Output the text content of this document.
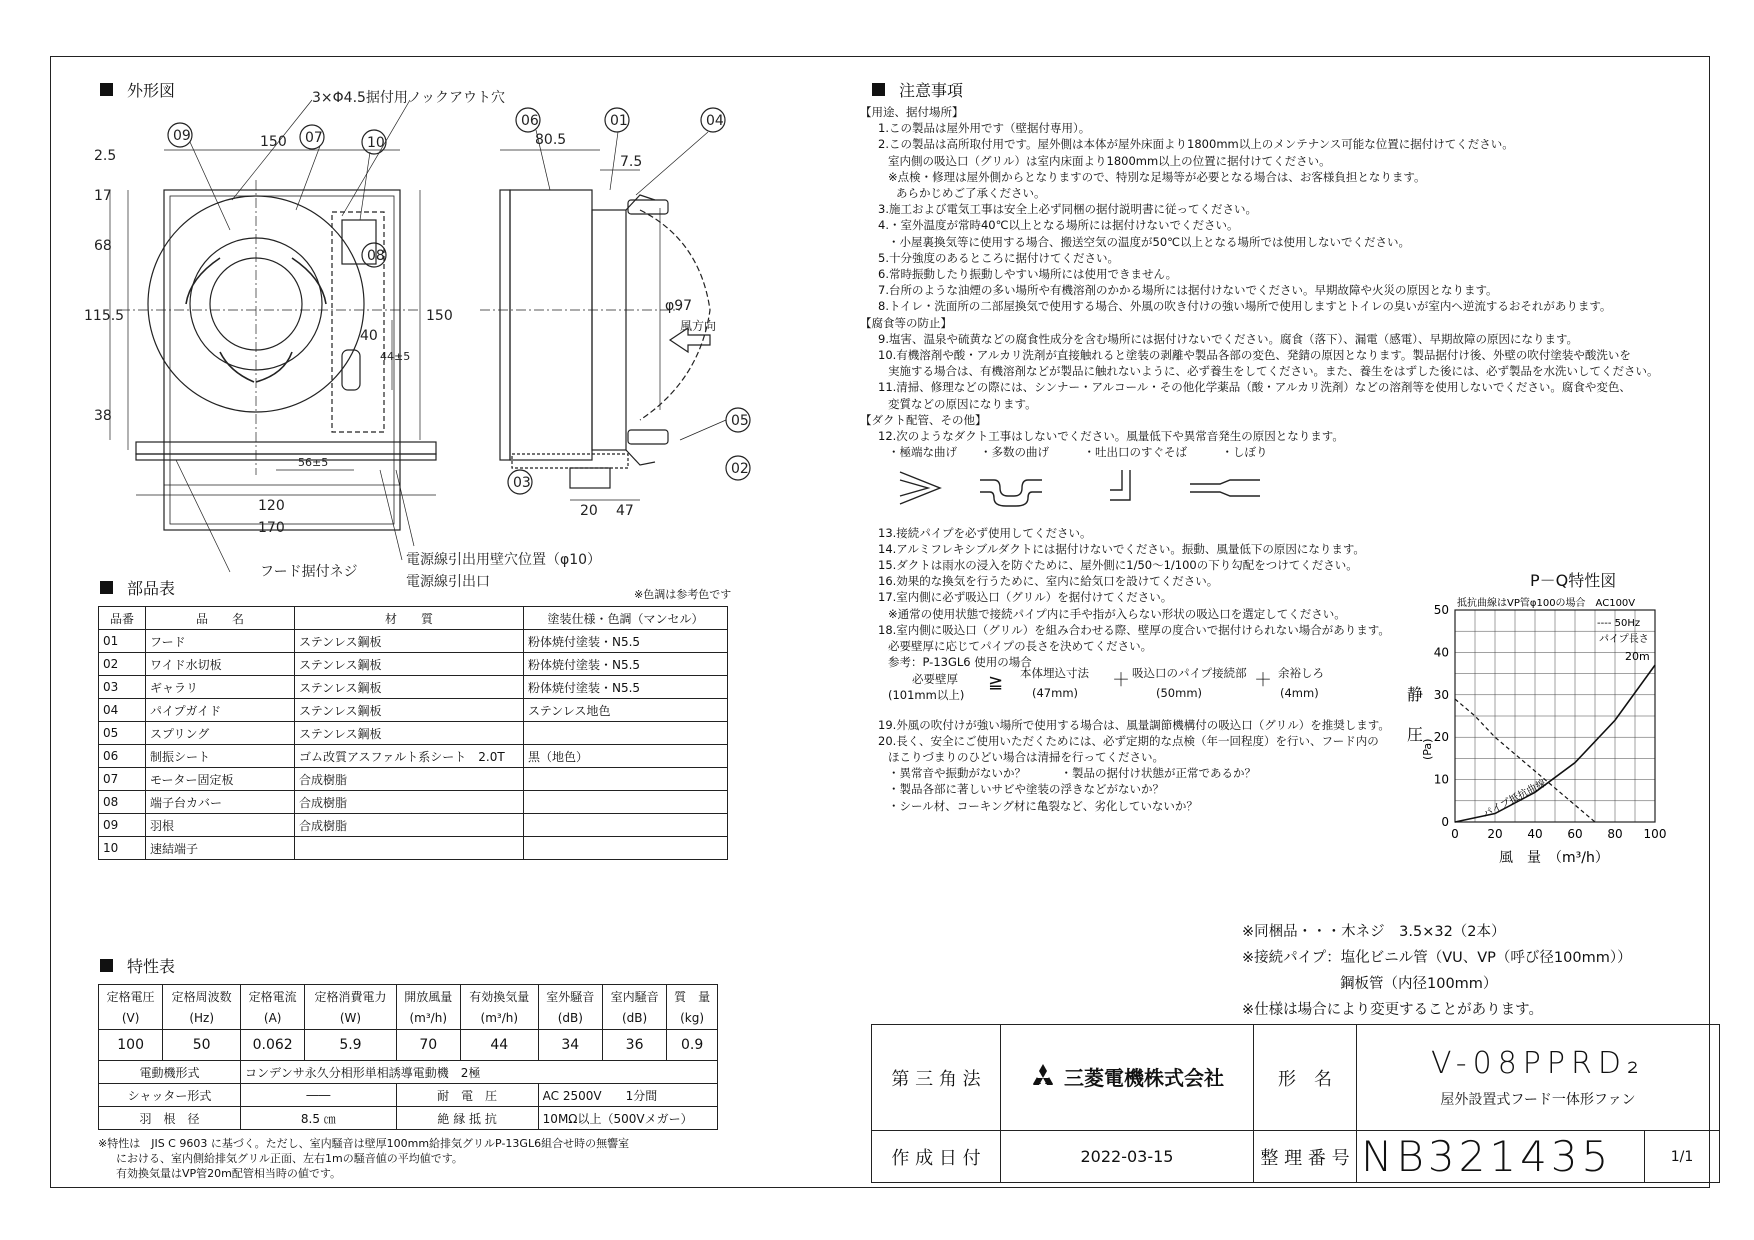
外形図
部品表
特性表
注意事項
3×Φ4.5据付用ノックアウト穴
09	07	10
08
06	01	04
05
03
02
150
2.5
17
68
115.5
38
150
40
44±5
56±5
120
170
80.5
7.5
φ97
20 47
風方向
電源線引出用壁穴位置（φ10）
電源線引出口
フード据付ネジ
※色調は参考色です
品番	品　　名	材　　質	塗装仕様・色調（マンセル）
01	フード	ステンレス鋼板	粉体焼付塗装・N5.5
02	ワイド水切板	ステンレス鋼板	粉体焼付塗装・N5.5
03	ギャラリ	ステンレス鋼板	粉体焼付塗装・N5.5
04	パイプガイド	ステンレス鋼板	ステンレス地色
05	スプリング	ステンレス鋼板	
06	制振シート	ゴム改質アスファルト系シート　2.0T	黒（地色）
07	モーター固定板	合成樹脂	
08	端子台カバー	合成樹脂	
09	羽根	合成樹脂	
10	速結端子		
定格電圧	定格周波数	定格電流	定格消費電力	開放風量	有効換気量	室外騒音	室内騒音	質　量
(V)	(Hz)	(A)	(W)	(m³/h)	(m³/h)	(dB)	(dB)	(kg)
100	50	0.062	5.9	70	44	34	36	0.9
電動機形式		コンデンサ永久分相形単相誘導電動機　2極						
シャッター形式		――		耐　電　圧		AC 2500V　　1分間		
羽　根　径		8.5 ㎝		絶 縁 抵 抗		10MΩ以上（500Vメガー）		
※特性は　JIS C 9603 に基づく。ただし、室内騒音は壁厚100mm給排気グリルP-13GL6組合せ時の無響室
における、室内側給排気グリル正面、左右1mの騒音値の平均値です。
有効換気量はVP管20m配管相当時の値です。
【用途、据付場所】
1.この製品は屋外用です（壁据付専用）。
2.この製品は高所取付用です。屋外側は本体が屋外床面より1800mm以上のメンテナンス可能な位置に据付けてください。
室内側の吸込口（グリル）は室内床面より1800mm以上の位置に据付けてください。
※点検・修理は屋外側からとなりますので、特別な足場等が必要となる場合は、お客様負担となります。
あらかじめご了承ください。
3.施工および電気工事は安全上必ず同梱の据付説明書に従ってください。
4.・室外温度が常時40℃以上となる場所には据付けないでください。
・小屋裏換気等に使用する場合、搬送空気の温度が50℃以上となる場所では使用しないでください。
5.十分強度のあるところに据付けてください。
6.常時振動したり振動しやすい場所には使用できません。
7.台所のような油煙の多い場所や有機溶剤のかかる場所には据付けないでください。早期故障や火災の原因となります。
8.トイレ・洗面所の二部屋換気で使用する場合、外風の吹き付けの強い場所で使用しますとトイレの臭いが室内へ逆流するおそれがあります。
【腐食等の防止】
9.塩害、温泉や硫黄などの腐食性成分を含む場所には据付けないでください。腐食（落下）、漏電（感電）、早期故障の原因になります。
10.有機溶剤や酸・アルカリ洗剤が直接触れると塗装の剥離や製品各部の変色、発錆の原因となります。製品据付け後、外壁の吹付塗装や酸洗いを
実施する場合は、有機溶剤などが製品に触れないように、必ず養生をしてください。また、養生をはずした後には、必ず製品を水洗いしてください。
11.清掃、修理などの際には、シンナー・アルコール・その他化学薬品（酸・アルカリ洗剤）などの溶剤等を使用しないでください。腐食や変色、
変質などの原因になります。
【ダクト配管、その他】
12.次のようなダクト工事はしないでください。風量低下や異常音発生の原因となります。
・極端な曲げ　　・多数の曲げ　　　・吐出口のすぐそば　　　・しぼり
13.接続パイプを必ず使用してください。
14.アルミフレキシブルダクトには据付けないでください。振動、風量低下の原因になります。
15.ダクトは雨水の浸入を防ぐために、屋外側に1/50～1/100の下り勾配をつけてください。
16.効果的な換気を行うために、室内に給気口を設けてください。
17.室内側に必ず吸込口（グリル）を据付けてください。
※通常の使用状態で接続パイプ内に手や指が入らない形状の吸込口を選定してください。
18.室内側に吸込口（グリル）を組み合わせる際、壁厚の度合いで据付けられない場合があります。
必要壁厚に応じてパイプの長さを決めてください。
参考：P-13GL6 使用の場合
必要壁厚
(101mm以上)
≧ 本体埋込寸法
(47mm)
＋ 吸込口のパイプ接続部
(50mm)
＋ 余裕しろ
(4mm)
19.外風の吹付けが強い場所で使用する場合は、風量調節機構付の吸込口（グリル）を推奨します。
20.長く、安全にご使用いただくためには、必ず定期的な点検（年一回程度）を行い、フード内の
ほこりづまりのひどい場合は清掃を行ってください。
・異常音や振動がないか？　　　・製品の据付け状態が正常であるか？
・製品各部に著しいサビや塗装の浮きなどがないか？
・シール材、コーキング材に亀裂など、劣化していないか？
P－Q特性図
0
10
20
30
40
50
0 20 40 60 80 100
抵抗曲線はVP管φ100の場合　AC100V
---- 50Hz
パイプ長さ
20m
パイプ抵抗曲線
静
圧
(Pa)
風　量　（m³/h）
※同梱品・・・木ネジ　3.5×32（2本）
※接続パイプ：塩化ビニル管（VU、VP（呼び径100mm））
鋼板管（内径100mm）
※仕様は場合により変更することがあります。
第 三 角 法	三菱電機株式会社	形　名	V-08PPRD₂
屋外設置式フード一体形ファン	

作 成 日 付	2022-03-15	整 理 番 号	NB321435	1/1
